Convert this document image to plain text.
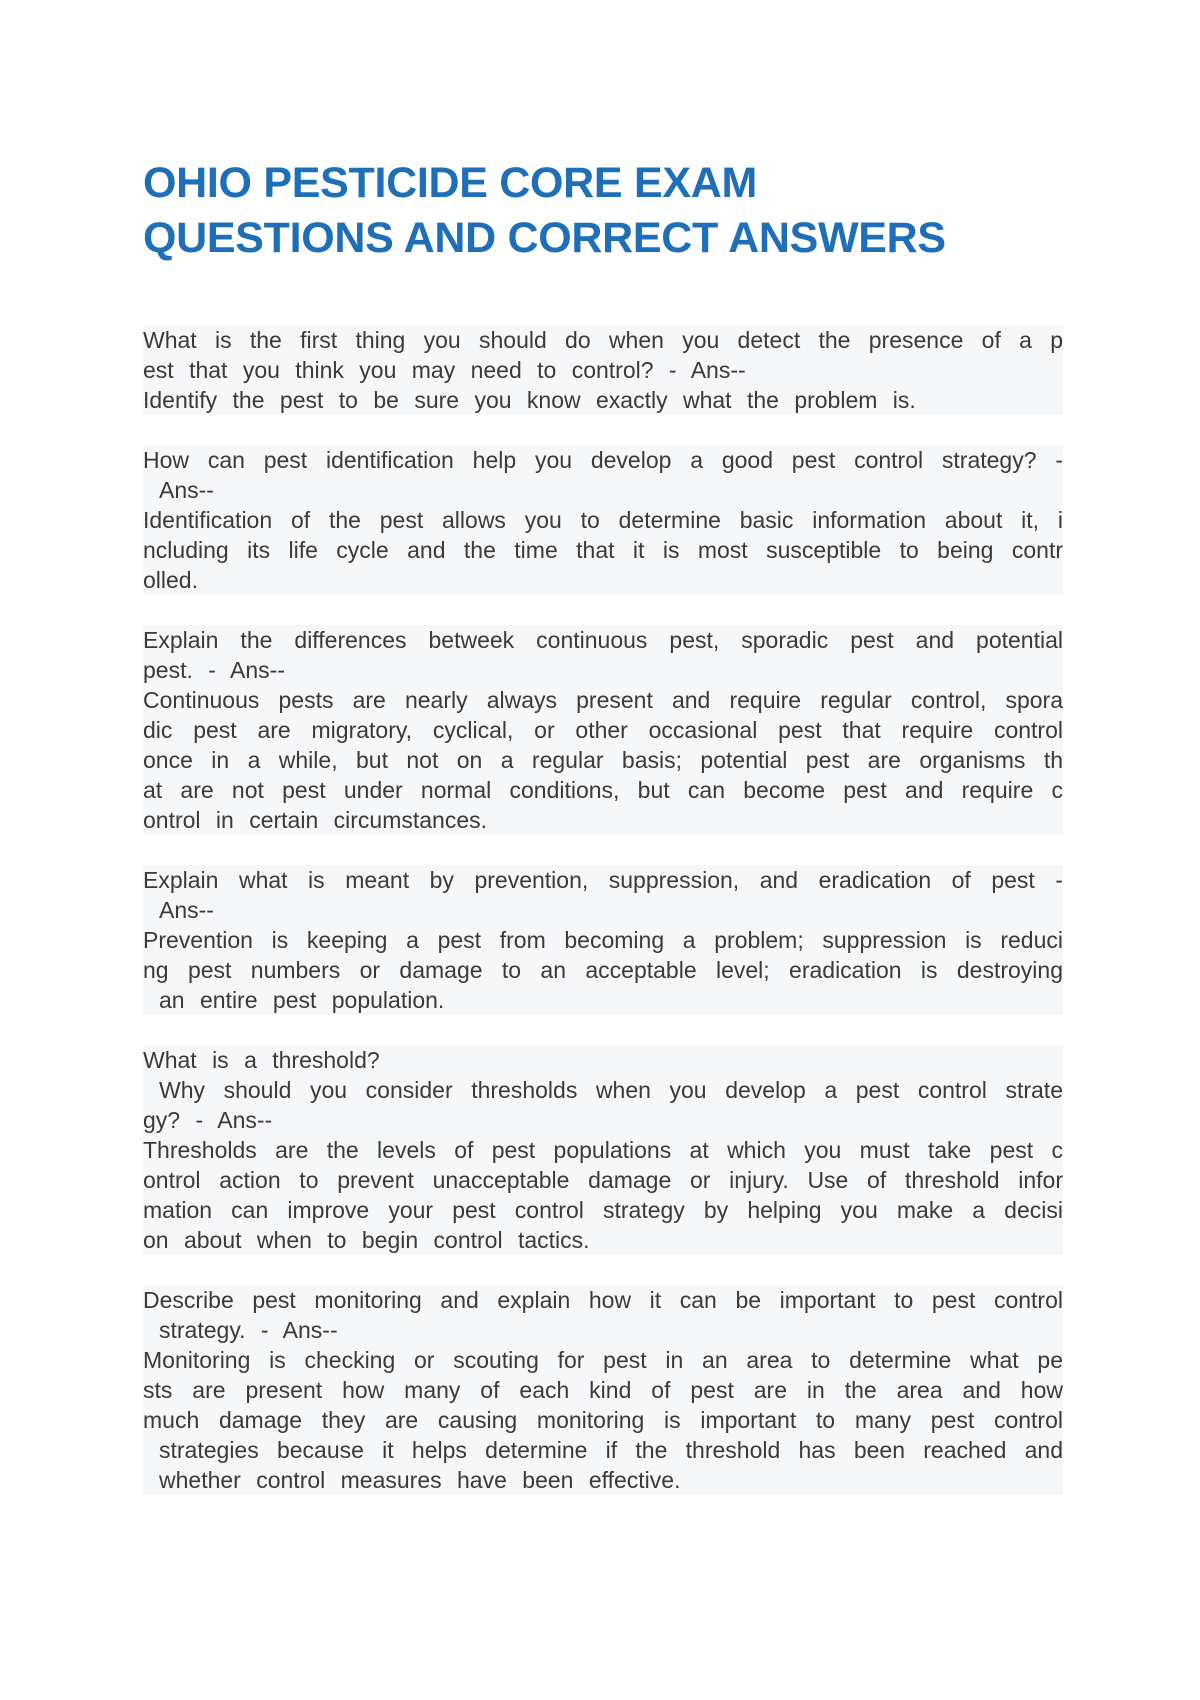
OHIO PESTICIDE CORE EXAM
QUESTIONS AND CORRECT ANSWERS
What is the first thing you should do when you detect the presence of a p
est that you think you may need to control? - Ans--
Identify the pest to be sure you know exactly what the problem is.
How can pest identification help you develop a good pest control strategy? -
Ans--
Identification of the pest allows you to determine basic information about it, i
ncluding its life cycle and the time that it is most susceptible to being contr
olled.
Explain the differences betweek continuous pest, sporadic pest and potential
pest. - Ans--
Continuous pests are nearly always present and require regular control, spora
dic pest are migratory, cyclical, or other occasional pest that require control
once in a while, but not on a regular basis; potential pest are organisms th
at are not pest under normal conditions, but can become pest and require c
ontrol in certain circumstances.
Explain what is meant by prevention, suppression, and eradication of pest -
Ans--
Prevention is keeping a pest from becoming a problem; suppression is reduci
ng pest numbers or damage to an acceptable level; eradication is destroying
an entire pest population.
What is a threshold?
Why should you consider thresholds when you develop a pest control strate
gy? - Ans--
Thresholds are the levels of pest populations at which you must take pest c
ontrol action to prevent unacceptable damage or injury. Use of threshold infor
mation can improve your pest control strategy by helping you make a decisi
on about when to begin control tactics.
Describe pest monitoring and explain how it can be important to pest control
strategy. - Ans--
Monitoring is checking or scouting for pest in an area to determine what pe
sts are present how many of each kind of pest are in the area and how
much damage they are causing monitoring is important to many pest control
strategies because it helps determine if the threshold has been reached and
whether control measures have been effective.
